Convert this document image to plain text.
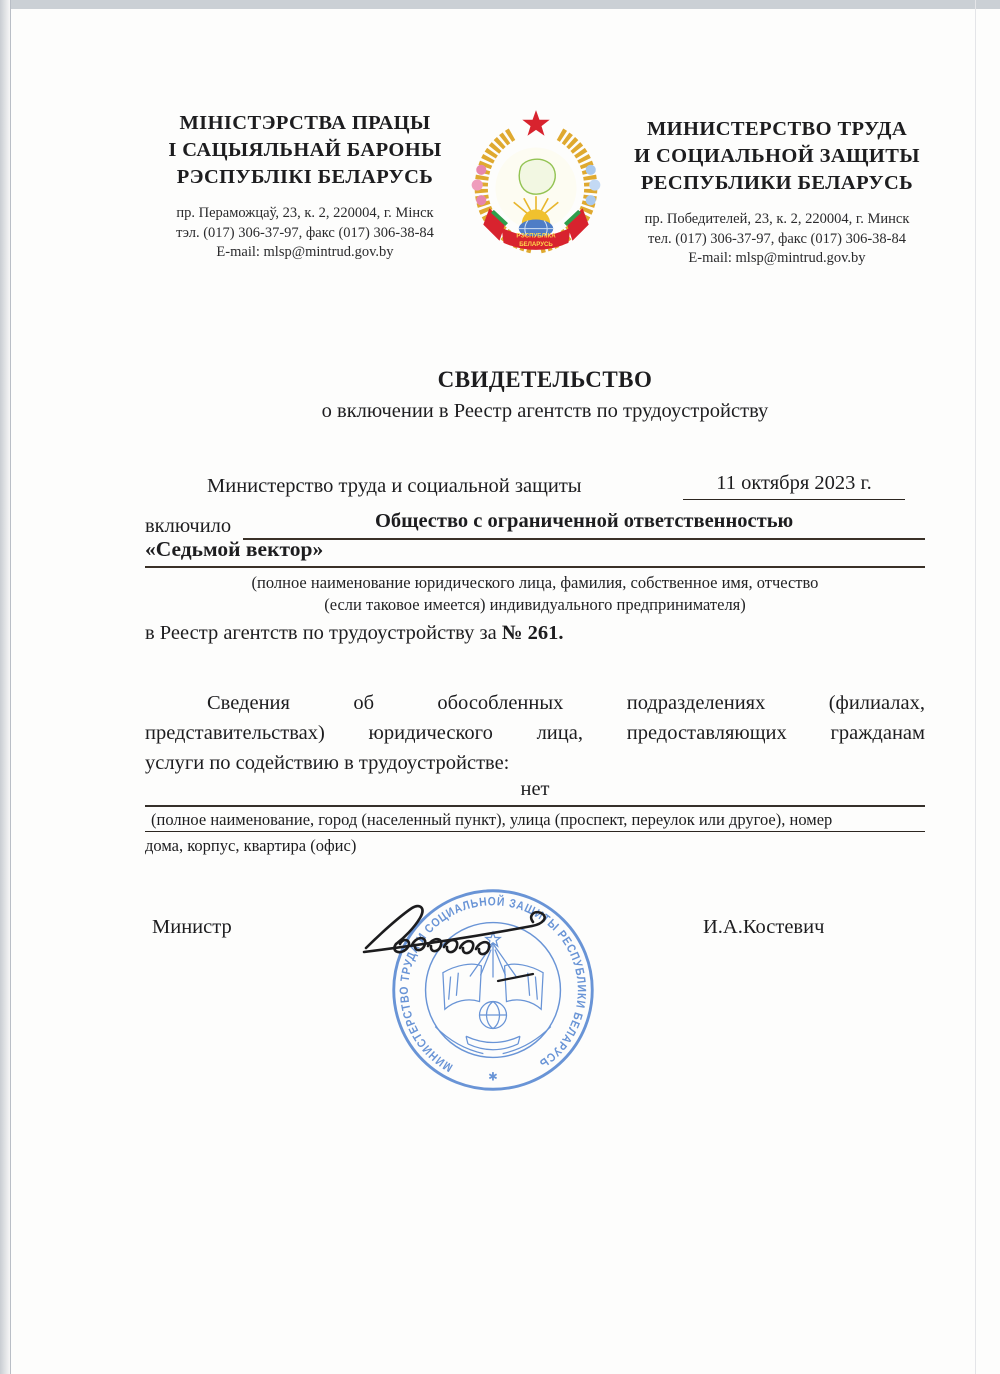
МІНІСТЭРСТВА ПРАЦЫ
І САЦЫЯЛЬНАЙ БАРОНЫ
РЭСПУБЛІКІ БЕЛАРУСЬ
пр. Пераможцаў, 23, к. 2, 220004, г. Мінск
тэл. (017) 306-37-97, факс (017) 306-38-84
E-mail: mlsp@mintrud.gov.by
РЭСПУБЛІКА
БЕЛАРУСЬ
МИНИСТЕРСТВО ТРУДА
И СОЦИАЛЬНОЙ ЗАЩИТЫ
РЕСПУБЛИКИ БЕЛАРУСЬ
пр. Победителей, 23, к. 2, 220004, г. Минск
тел. (017) 306-37-97, факс (017) 306-38-84
E-mail: mlsp@mintrud.gov.by
СВИДЕТЕЛЬСТВО
о включении в Реестр агентств по трудоустройству
Министерство труда и социальной защиты	11 октября 2023 г.
включило	Общество с ограниченной ответственностью
«Седьмой вектор»
(полное наименование юридического лица, фамилия, собственное имя, отчество
(если таковое имеется) индивидуального предпринимателя)
в Реестр агентств по трудоустройству за № 261.
Сведения об обособленных подразделениях (филиалах,
представительствах) юридического лица, предоставляющих гражданам
услуги по содействию в трудоустройстве:
нет
(полное наименование, город (населенный пункт), улица (проспект, переулок или другое), номер
дома, корпус, квартира (офис)
Министр	И.А.Костевич
МИНИСТЕРСТВО ТРУДА И СОЦИАЛЬНОЙ ЗАЩИТЫ РЕСПУБЛИКИ БЕЛАРУСЬ
✱
